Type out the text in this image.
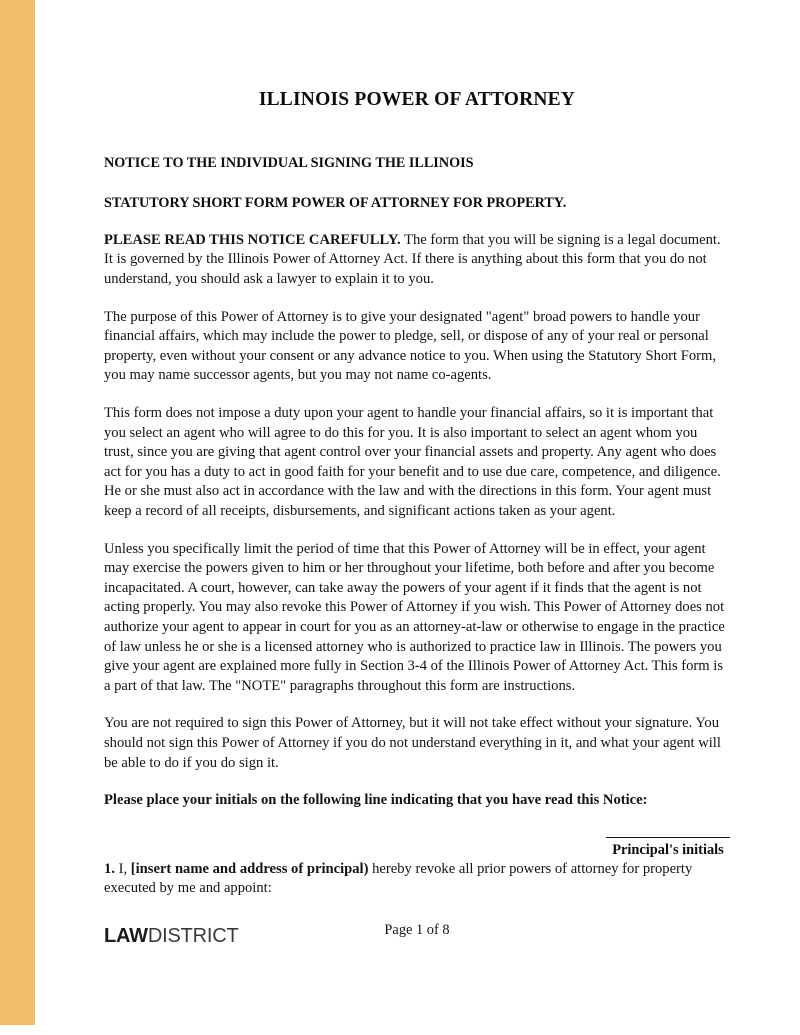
ILLINOIS POWER OF ATTORNEY
NOTICE TO THE INDIVIDUAL SIGNING THE ILLINOIS
STATUTORY SHORT FORM POWER OF ATTORNEY FOR PROPERTY.

PLEASE READ THIS NOTICE CAREFULLY. The form that you will be signing is a legal document. It is governed by the Illinois Power of Attorney Act. If there is anything about this form that you do not understand, you should ask a lawyer to explain it to you.

The purpose of this Power of Attorney is to give your designated "agent" broad powers to handle your financial affairs, which may include the power to pledge, sell, or dispose of any of your real or personal property, even without your consent or any advance notice to you. When using the Statutory Short Form, you may name successor agents, but you may not name co-agents.

This form does not impose a duty upon your agent to handle your financial affairs, so it is important that you select an agent who will agree to do this for you. It is also important to select an agent whom you trust, since you are giving that agent control over your financial assets and property. Any agent who does act for you has a duty to act in good faith for your benefit and to use due care, competence, and diligence. He or she must also act in accordance with the law and with the directions in this form. Your agent must keep a record of all receipts, disbursements, and significant actions taken as your agent.

Unless you specifically limit the period of time that this Power of Attorney will be in effect, your agent may exercise the powers given to him or her throughout your lifetime, both before and after you become incapacitated. A court, however, can take away the powers of your agent if it finds that the agent is not acting properly. You may also revoke this Power of Attorney if you wish. This Power of Attorney does not authorize your agent to appear in court for you as an attorney-at-law or otherwise to engage in the practice of law unless he or she is a licensed attorney who is authorized to practice law in Illinois. The powers you give your agent are explained more fully in Section 3-4 of the Illinois Power of Attorney Act. This form is a part of that law. The "NOTE" paragraphs throughout this form are instructions.

You are not required to sign this Power of Attorney, but it will not take effect without your signature. You should not sign this Power of Attorney if you do not understand everything in it, and what your agent will be able to do if you do sign it.

Please place your initials on the following line indicating that you have read this Notice:

Principal's initials

1. I, [insert name and address of principal) hereby revoke all prior powers of attorney for property executed by me and appoint:

LAWDISTRICT	Page 1 of 8
